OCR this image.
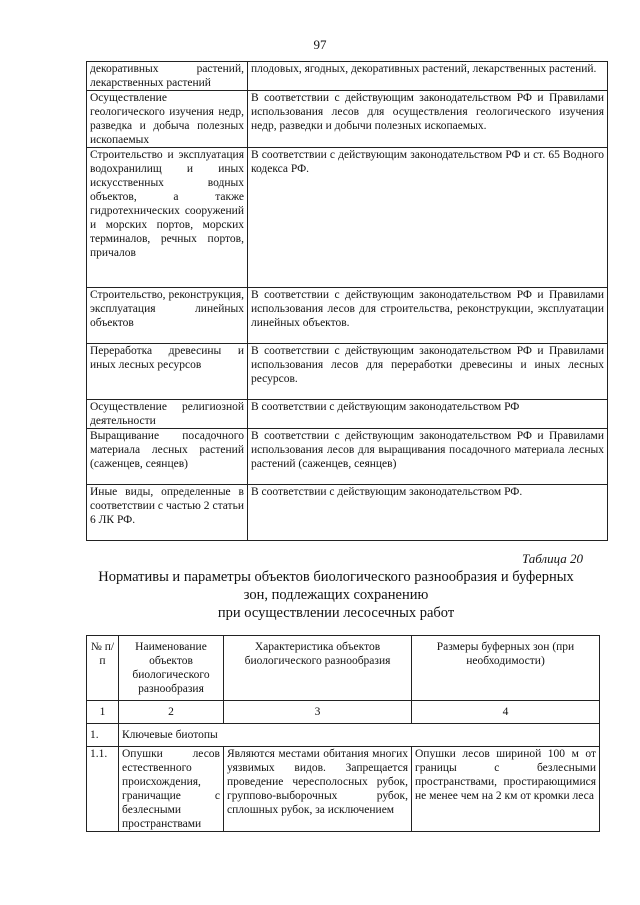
97
декоративных растений, лекарственных растений	плодовых, ягодных, декоративных растений, лекарственных растений.
Осуществление геологического изучения недр, разведка и добыча полезных ископаемых	В соответствии с действующим законодательством РФ и Правилами использования лесов для осуществления геологического изучения недр, разведки и добычи полезных ископаемых.
Строительство и эксплуатация водохранилищ и иных искусственных водных объектов, а также гидротехнических сооружений и морских портов, морских терминалов, речных портов, причалов	В соответствии с действующим законодательством РФ и ст. 65 Водного кодекса РФ.
Строительство, реконструкция, эксплуатация линейных объектов	В соответствии с действующим законодательством РФ и Правилами использования лесов для строительства, реконструкции, эксплуатации линейных объектов.
Переработка древесины и иных лесных ресурсов	В соответствии с действующим законодательством РФ и Правилами использования лесов для переработки древесины и иных лесных ресурсов.
Осуществление религиозной деятельности	В соответствии с действующим законодательством РФ
Выращивание посадочного материала лесных растений (саженцев, сеянцев)	В соответствии с действующим законодательством РФ и Правилами использования лесов для выращивания посадочного материала лесных растений (саженцев, сеянцев)
Иные виды, определенные в соответствии с частью 2 статьи 6 ЛК РФ.	В соответствии с действующим законодательством РФ.
Таблица 20
Нормативы и параметры объектов биологического разнообразия и буферных
зон, подлежащих сохранению
при осуществлении лесосечных работ
№ п/п	Наименование объектов биологического разнообразия	Характеристика объектов биологического разнообразия	Размеры буферных зон (при необходимости)
1	2	3	4
1.	Ключевые биотопы		
1.1.	Опушки лесов естественного происхождения, граничащие с безлесными пространствами	Являются местами обитания многих уязвимых видов. Запрещается проведение чересполосных рубок, группово-выборочных рубок, сплошных рубок, за исключением	Опушки лесов шириной 100 м от границы с безлесными пространствами, простирающимися не менее чем на 2 км от кромки леса
